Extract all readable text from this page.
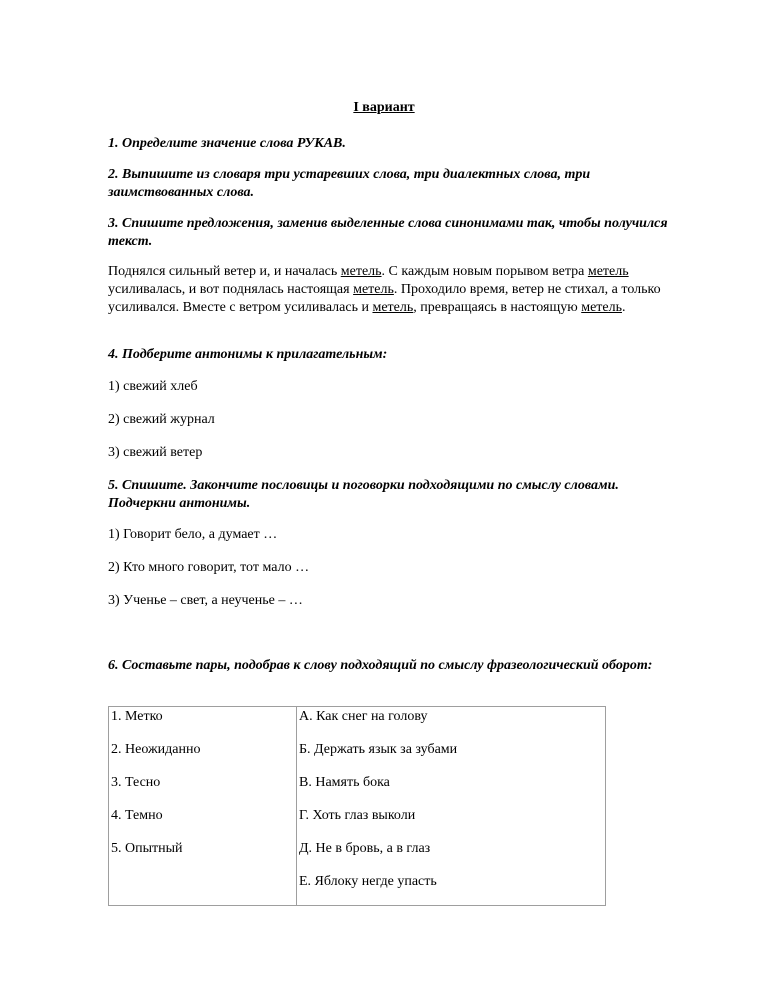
I вариант
1. Определите значение слова РУКАВ.
2. Выпишите из словаря три устаревших слова, три диалектных слова, три заимствованных слова.
3. Спишите предложения, заменив выделенные слова синонимами так, чтобы получился текст.
Поднялся сильный ветер и, и началась метель. С каждым новым порывом ветра метель усиливалась, и вот поднялась настоящая метель. Проходило время, ветер не стихал, а только усиливался. Вместе с ветром усиливалась и метель, превращаясь в настоящую метель.
4. Подберите антонимы к прилагательным:
1) свежий хлеб
2) свежий журнал
3) свежий ветер
5. Спишите. Закончите пословицы и поговорки подходящими по смыслу словами. Подчеркни антонимы.
1) Говорит бело, а думает …
2) Кто много говорит, тот мало …
3) Ученье – свет, а неученье – …
6. Составьте пары, подобрав к слову подходящий по смыслу фразеологический оборот:
1. Метко
2. Неожиданно
3. Тесно
4. Темно
5. Опытный

А. Как снег на голову
Б. Держать язык за зубами
В. Намять бока
Г. Хоть глаз выколи
Д. Не в бровь, а в глаз
Е. Яблоку негде упасть
